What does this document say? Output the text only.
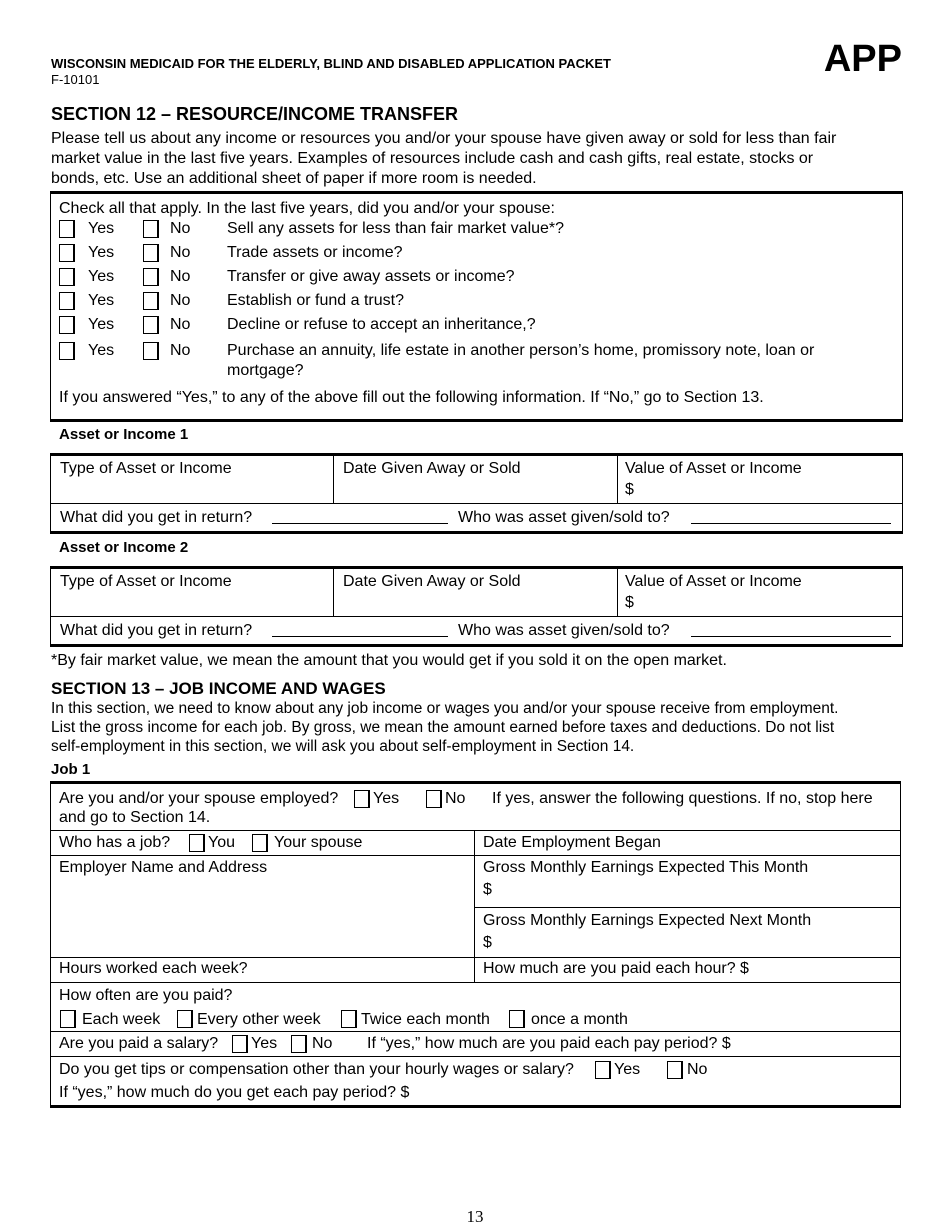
WISCONSIN MEDICAID FOR THE ELDERLY, BLIND AND DISABLED APPLICATION PACKET
F-10101	APP
SECTION 12 – RESOURCE/INCOME TRANSFER
Please tell us about any income or resources you and/or your spouse have given away or sold for less than fair
market value in the last five years. Examples of resources include cash and cash gifts, real estate, stocks or
bonds, etc. Use an additional sheet of paper if more room is needed.
Check all that apply. In the last five years, did you and/or your spouse:
Yes	No Sell any assets for less than fair market value*?
Yes	No Trade assets or income?
Yes	No Transfer or give away assets or income?
Yes	No Establish or fund a trust?
Yes	No Decline or refuse to accept an inheritance,?
Yes	No Purchase an annuity, life estate in another person’s home, promissory note, loan or
mortgage?
If you answered “Yes,” to any of the above fill out the following information. If “No,” go to Section 13.
Asset or Income 1
Type of Asset or Income	Date Given Away or Sold	Value of Asset or Income
$
What did you get in return?	Who was asset given/sold to?
Asset or Income 2
Type of Asset or Income	Date Given Away or Sold	Value of Asset or Income
$
What did you get in return?	Who was asset given/sold to?
*By fair market value, we mean the amount that you would get if you sold it on the open market.
SECTION 13 – JOB INCOME AND WAGES
In this section, we need to know about any job income or wages you and/or your spouse receive from employment.
List the gross income for each job. By gross, we mean the amount earned before taxes and deductions. Do not list
self-employment in this section, we will ask you about self-employment in Section 14.
Job 1
Are you and/or your spouse employed? Yes	No If yes, answer the following questions. If no, stop here
and go to Section 14.
Who has a job? You Your spouse	Date Employment Began
Employer Name and Address	Gross Monthly Earnings Expected This Month
$
Gross Monthly Earnings Expected Next Month
$
Hours worked each week?	How much are you paid each hour? $
How often are you paid?
Each week Every other week	Twice each month	once a month
Are you paid a salary? Yes No If “yes,” how much are you paid each pay period? $
Do you get tips or compensation other than your hourly wages or salary?	Yes	No
If “yes,” how much do you get each pay period? $
13
